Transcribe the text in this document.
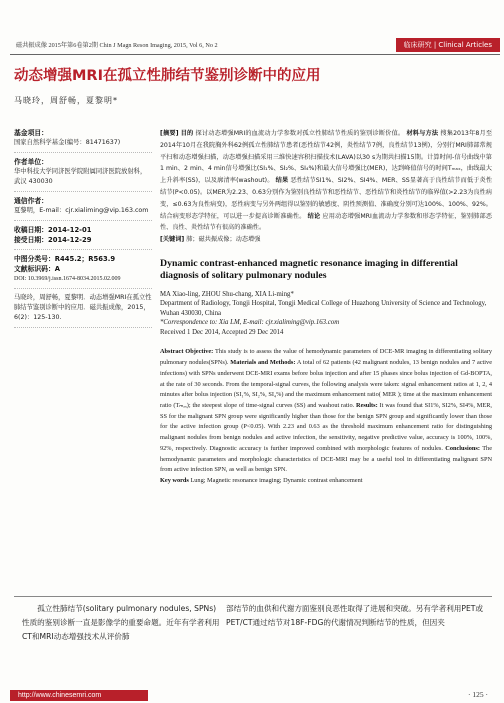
磁共振成像 2015年第6卷第2期 Chin J Magn Reson Imaging, 2015, Vol 6, No 2	临床研究 | Clinical Articles
动态增强MRI在孤立性肺结节鉴别诊断中的应用
马晓玲，周舒畅，夏黎明*
基金项目：
国家自然科学基金(编号：81471637)
作者单位：
华中科技大学同济医学院附属同济医院放射科，武汉 430030
通信作者：
夏黎明，E-mail：cjr.xialiming@vip.163.com
收稿日期：2014-12-01
接受日期：2014-12-29
中图分类号：R445.2；R563.9
文献标识码：A
DOI: 10.3969/j.issn.1674-8034.2015.02.009
马晓玲，周舒畅，夏黎明．动态增强MRI在孤立性肺结节鉴别诊断中的应用．磁共振成像，2015，6(2)：125-130.
[摘要] 目的 探讨动态增强MRI的血流动力学参数对孤立性肺结节性质的鉴别诊断价值。 材料与方法 搜集2013年8月至2014年10月在我院胸外科62例孤立性肺结节患者(恶性结节42例，炎性结节7例，良性结节13例)，分别行MRI肺部常规平扫和动态增强扫描，动态增强扫描采用三维快速容积扫描技术(LAVA)以30 s为期共扫描15期。计算时间-信号曲线中第1 min、2 min、4 min信号增强比(SI₁%、SI₂%、SI₄%)和最大信号增强比(MER)，达到峰值信号的时间Tₘₐₓ，曲线最大上升斜率(SS)，以及廓清率(washout)。 结果 恶性结节SI1%、SI2%、SI4%、MER、SS显著高于良性结节而低于炎性结节(P<0.05)。以MER为2.23、0.63分别作为鉴别良性结节和恶性结节、恶性结节和炎性结节的临界值(>2.23为良性病变，≤0.63为良性病变)，恶性病变与另外两组得以鉴别的敏感度、阴性预测值、准确度分别可达100%、100%、92%。结合病变形态学特征，可以进一步提高诊断准确性。 结论 应用动态增强MRI血流动力学参数和形态学特征，鉴别肺部恶性、良性、炎性结节有很高的准确性。
[关键词] 肺；磁共振成像；动态增强
Dynamic contrast-enhanced magnetic resonance imaging in differential diagnosis of solitary pulmonary nodules
MA Xiao-ling, ZHOU Shu-chang, XIA Li-ming*
Department of Radiology, Tongji Hospital, Tongji Medical College of Huazhong University of Science and Technology, Wuhan 430030, China
*Correspondence to: Xia LM, E-mail: cjr.xialiming@vip.163.com
Received 1 Dec 2014, Accepted 29 Dec 2014
Abstract Objective: This study is to assess the value of hemodynamic parameters of DCE-MR imaging in differentiating solitary pulmonary nodules(SPNs). Materials and Methods: A total of 62 patients (42 malignant nodules, 13 benign nodules and 7 active infections) with SPNs underwent DCE-MRI exams before bolus injection and after 15 phases since bolus injection of Gd-BOPTA, at the rate of 30 seconds. From the temporal-signal curves, the following analysis were taken: signal enhancement ratios at 1, 2, 4 minutes after bolus injection (SI₁%, SI₂%, SI₄%) and the maximum enhancement ratio( MER ); time at the maximum enhancement ratio (Tₘₐₓ); the steepest slope of time-signal curves (SS) and washout ratio. Results: It was found that SI1%, SI2%, SI4%, MER, SS for the malignant SPN group were significantly higher than those for the benign SPN group and significantly lower than those for the active infection group (P<0.05). With 2.23 and 0.63 as the threshold maximum enhancement ratio for distinguishing malignant nodules from benign nodules and active infection, the sensitivity, negative predictive value, accuracy is 100%, 100%, 92%, respectively. Diagnostic accuracy is further improved combined with morphologic features of nodules. Conclusions: The hemodynamic parameters and morphologic characteristics of DCE-MRI may be a useful tool in differentiating malignant SPN from active infection SPN, as well as benign SPN.
Key words Lung; Magnetic resonance imaging; Dynamic contrast enhancement
孤立性肺结节(solitary pulmonary nodules, SPNs)性质的鉴别诊断一直是影像学的重要命题。近年有学者利用CT和MRI动态增强技术从评价肺
部结节的血供和代谢方面鉴别良恶性取得了进展和突破。另有学者利用PET或PET/CT通过结节对18F-FDG的代谢情况判断结节的性质，但因夹
http://www.chinesemri.com	· 125 ·
